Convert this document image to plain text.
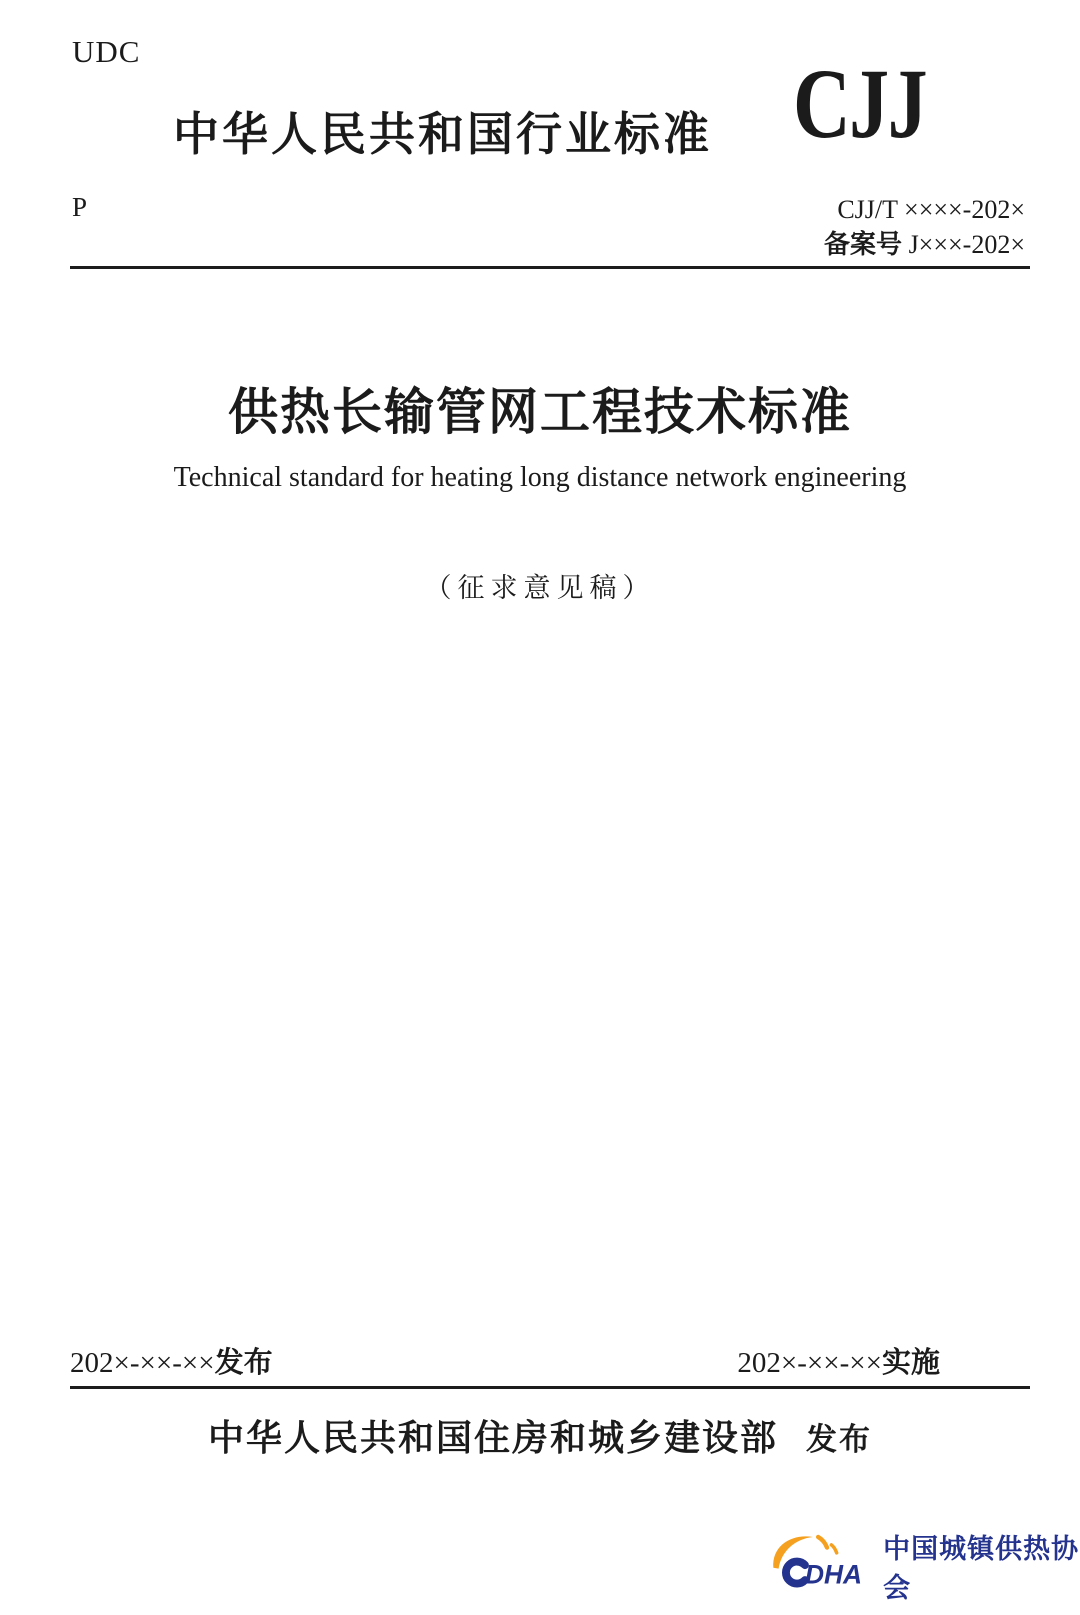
UDC
中华人民共和国行业标准 CJJ
P	CJJ/T ××××-202×
备案号 J×××-202×
供热长输管网工程技术标准
Technical standard for heating long distance network engineering
（征求意见稿）
202×-××-××发布	202×-××-××实施
中华人民共和国住房和城乡建设部 发布
DHA
中国城镇供热协会
